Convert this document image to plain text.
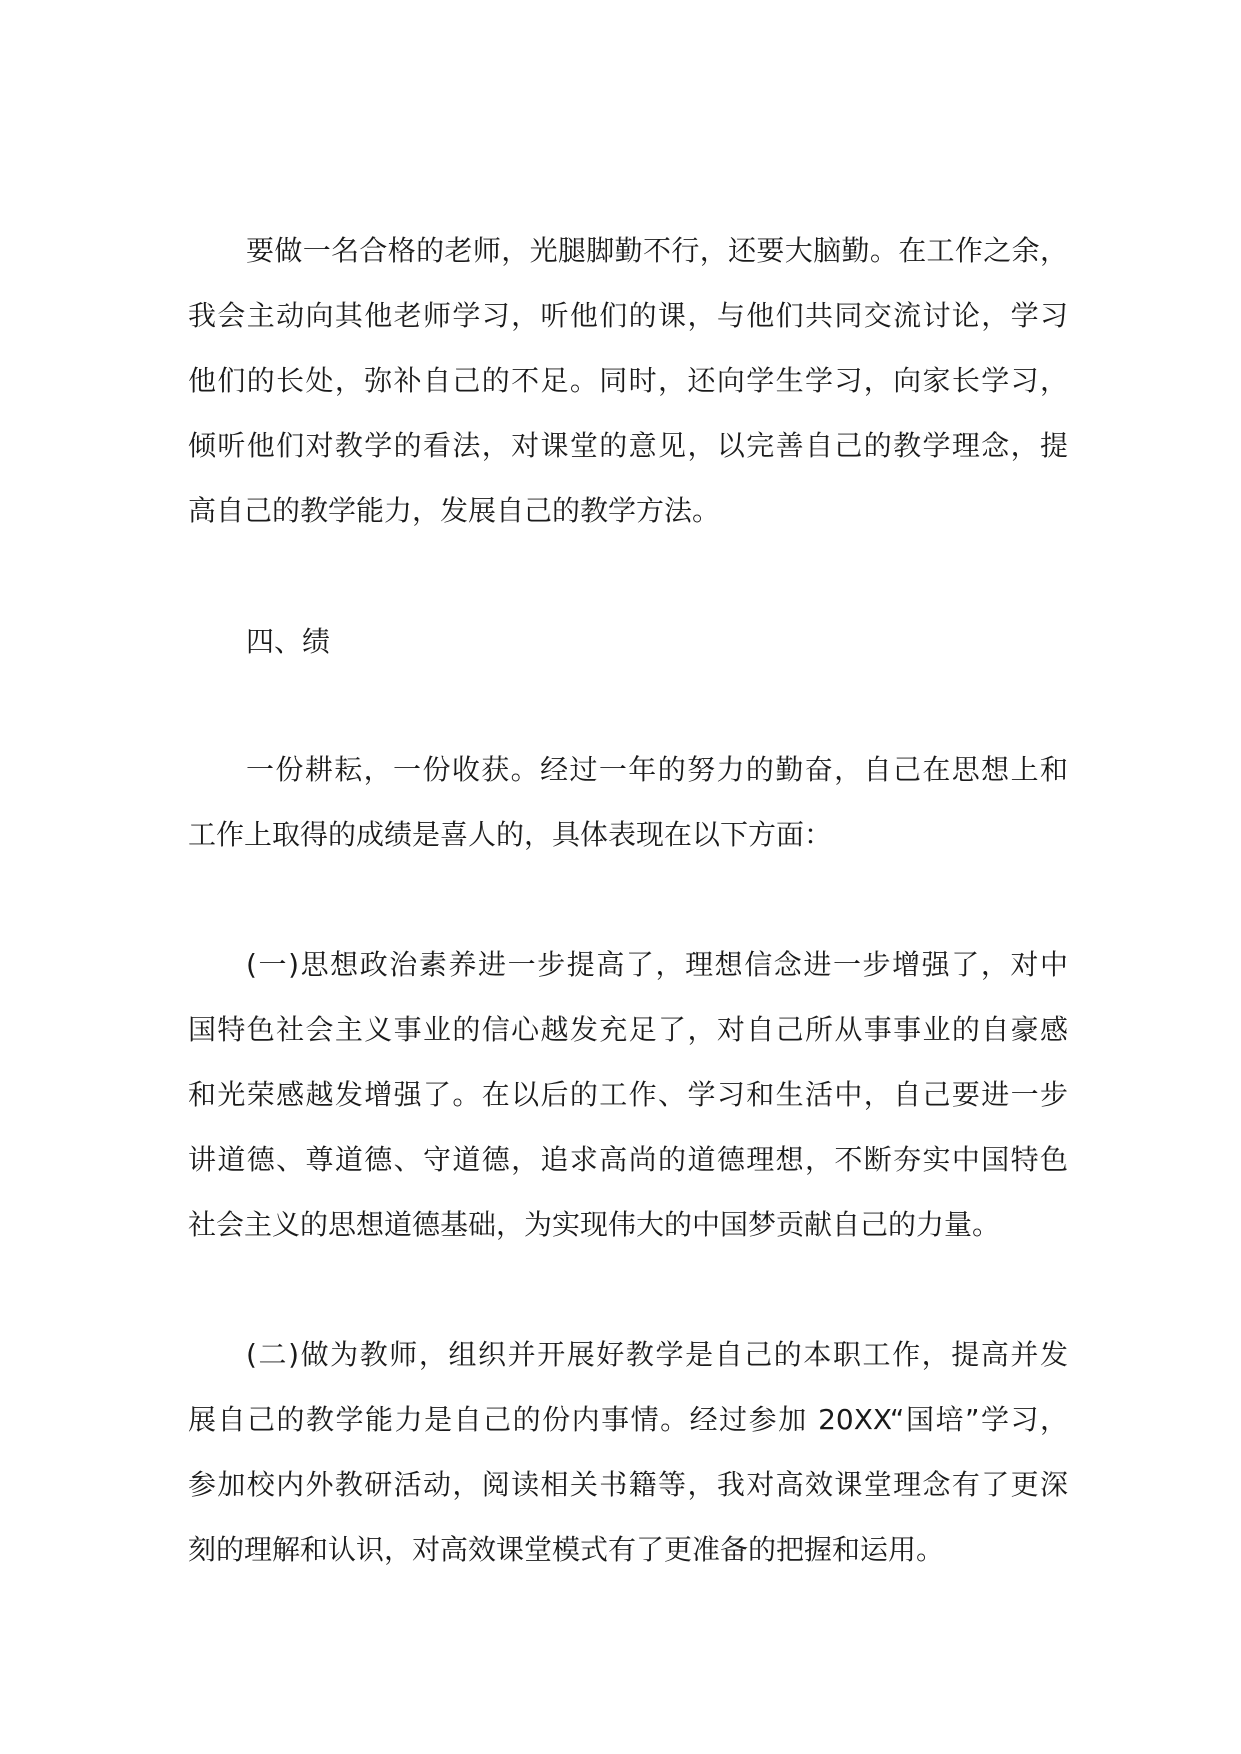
要做一名合格的老师，光腿脚勤不行，还要大脑勤。在工作之余，
我会主动向其他老师学习，听他们的课，与他们共同交流讨论，学习
他们的长处，弥补自己的不足。同时，还向学生学习，向家长学习，
倾听他们对教学的看法，对课堂的意见，以完善自己的教学理念，提
高自己的教学能力，发展自己的教学方法。
四、绩
一份耕耘，一份收获。经过一年的努力的勤奋，自己在思想上和
工作上取得的成绩是喜人的，具体表现在以下方面：
(一)思想政治素养进一步提高了，理想信念进一步增强了，对中
国特色社会主义事业的信心越发充足了，对自己所从事事业的自豪感
和光荣感越发增强了。在以后的工作、学习和生活中，自己要进一步
讲道德、尊道德、守道德，追求高尚的道德理想，不断夯实中国特色
社会主义的思想道德基础，为实现伟大的中国梦贡献自己的力量。
(二)做为教师，组织并开展好教学是自己的本职工作，提高并发
展自己的教学能力是自己的份内事情。经过参加 20XX“国培”学习，
参加校内外教研活动，阅读相关书籍等，我对高效课堂理念有了更深
刻的理解和认识，对高效课堂模式有了更准备的把握和运用。
